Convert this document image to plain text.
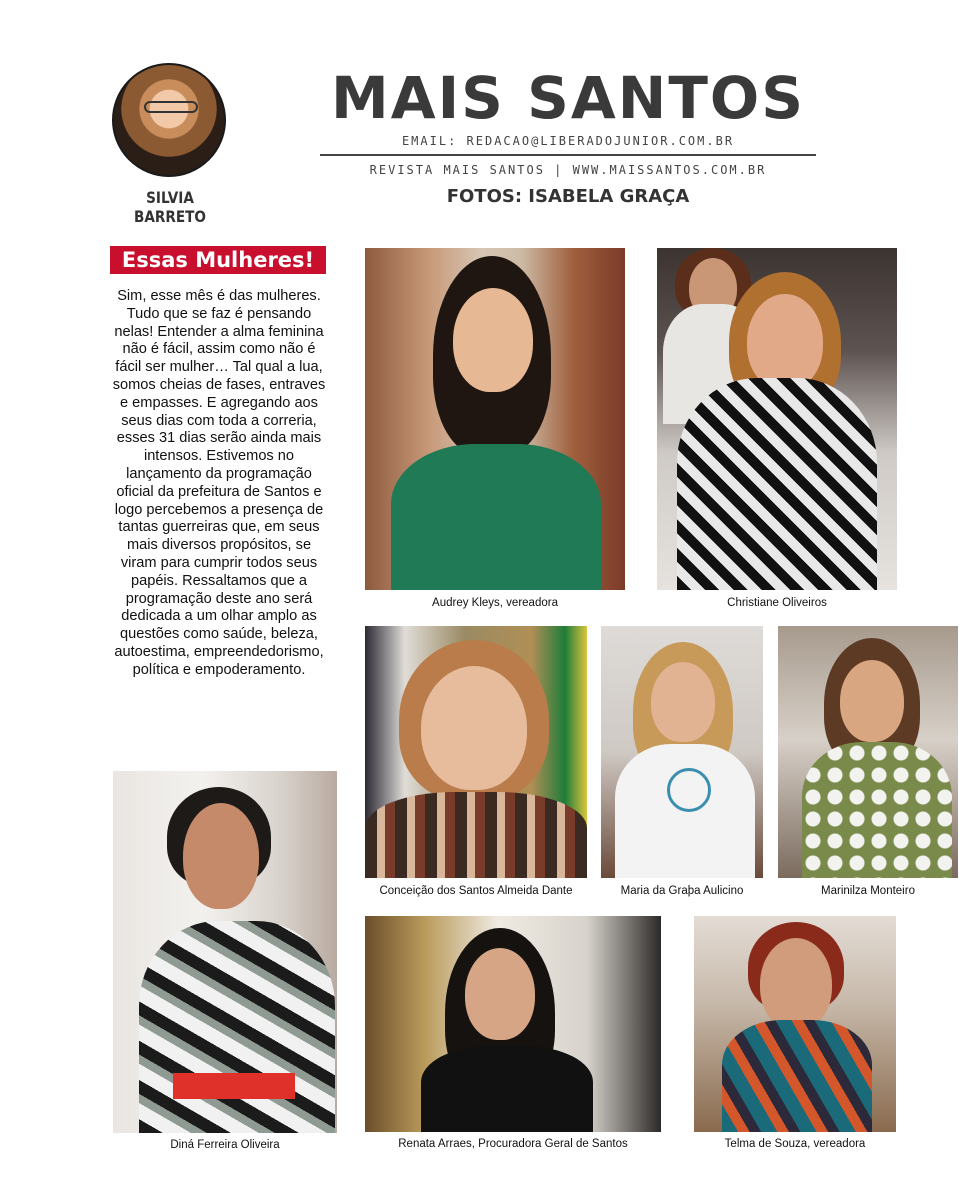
SILVIA BARRETO
MAIS SANTOS
EMAIL: REDACAO@LIBERADOJUNIOR.COM.BR
REVISTA MAIS SANTOS | WWW.MAISSANTOS.COM.BR
FOTOS: ISABELA GRAÇA
Essas Mulheres!
Sim, esse mês é das mulheres. Tudo que se faz é pensando nelas! Entender a alma feminina não é fácil, assim como não é fácil ser mulher… Tal qual a lua, somos cheias de fases, entraves e empasses. E agregando aos seus dias com toda a correria, esses 31 dias serão ainda mais intensos. Estivemos no lançamento da programação oficial da prefeitura de Santos e logo percebemos a presença de tantas guerreiras que, em seus mais diversos propósitos, se viram para cumprir todos seus papéis. Ressaltamos que a programação deste ano será dedicada a um olhar amplo as questões como saúde, beleza, autoestima, empreendedorismo, política e empoderamento.
Audrey Kleys, vereadora	Christiane Oliveiros
Conceição dos Santos Almeida Dante	Maria da Graþa Aulicino	Marinilza Monteiro
Diná Ferreira Oliveira	Renata Arraes, Procuradora Geral de Santos	Telma de Souza, vereadora
